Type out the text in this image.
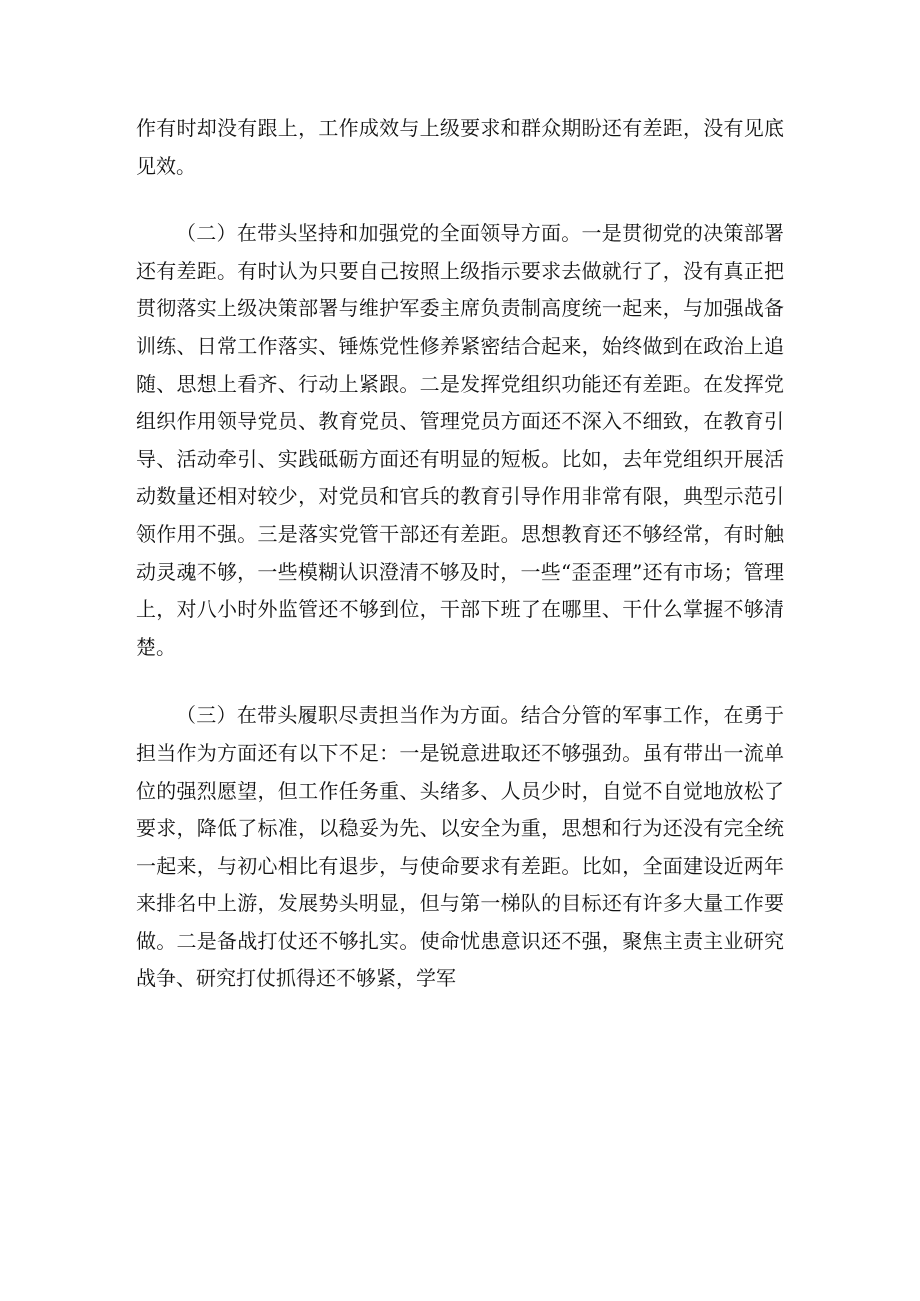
作有时却没有跟上，工作成效与上级要求和群众期盼还有差距，没有见底见效。

（二）在带头坚持和加强党的全面领导方面。一是贯彻党的决策部署还有差距。有时认为只要自己按照上级指示要求去做就行了，没有真正把贯彻落实上级决策部署与维护军委主席负责制高度统一起来，与加强战备训练、日常工作落实、锤炼党性修养紧密结合起来，始终做到在政治上追随、思想上看齐、行动上紧跟。二是发挥党组织功能还有差距。在发挥党组织作用领导党员、教育党员、管理党员方面还不深入不细致，在教育引导、活动牵引、实践砥砺方面还有明显的短板。比如，去年党组织开展活动数量还相对较少，对党员和官兵的教育引导作用非常有限，典型示范引领作用不强。三是落实党管干部还有差距。思想教育还不够经常，有时触动灵魂不够，一些模糊认识澄清不够及时，一些“歪歪理”还有市场；管理上，对八小时外监管还不够到位，干部下班了在哪里、干什么掌握不够清楚。

（三）在带头履职尽责担当作为方面。结合分管的军事工作，在勇于担当作为方面还有以下不足：一是锐意进取还不够强劲。虽有带出一流单位的强烈愿望，但工作任务重、头绪多、人员少时，自觉不自觉地放松了要求，降低了标准，以稳妥为先、以安全为重，思想和行为还没有完全统一起来，与初心相比有退步，与使命要求有差距。比如，全面建设近两年来排名中上游，发展势头明显，但与第一梯队的目标还有许多大量工作要做。二是备战打仗还不够扎实。使命忧患意识还不强，聚焦主责主业研究战争、研究打仗抓得还不够紧，学军
